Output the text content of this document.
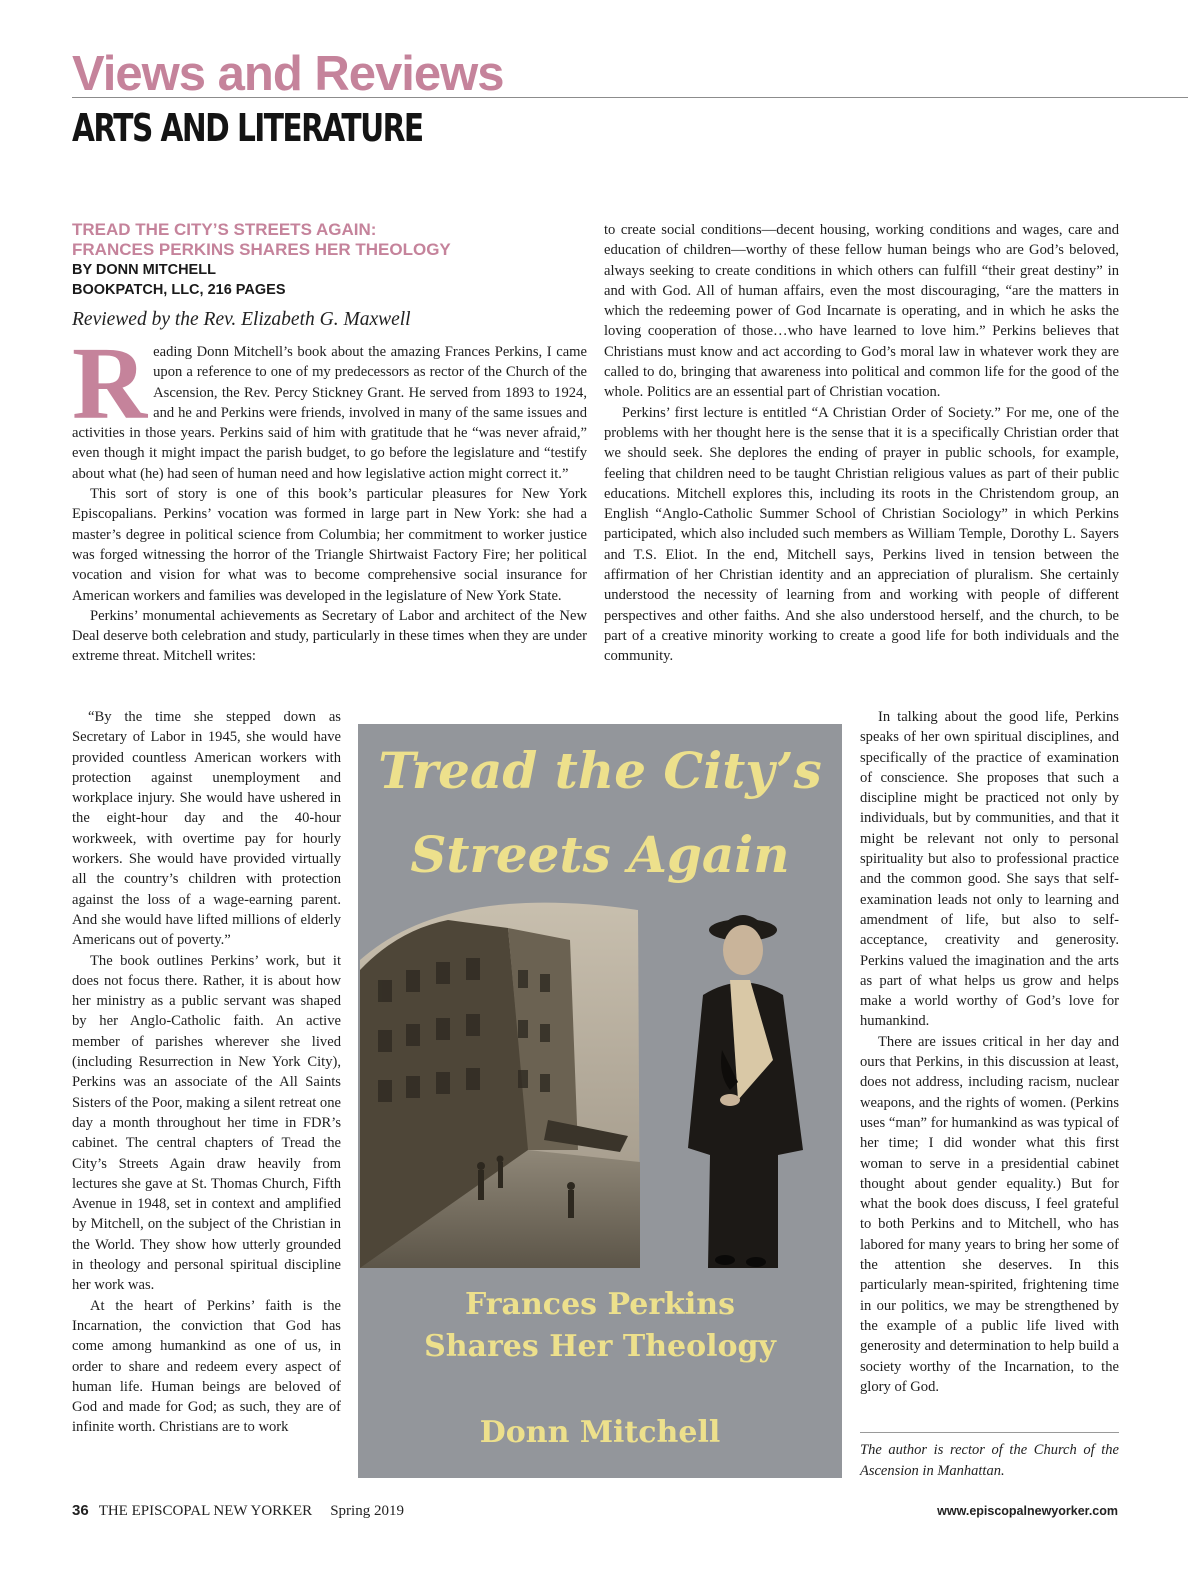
Views and Reviews
ARTS AND LITERATURE
TREAD THE CITY’S STREETS AGAIN:
FRANCES PERKINS SHARES HER THEOLOGY
BY DONN MITCHELL
BOOKPATCH, LLC, 216 PAGES
Reviewed by the Rev. Elizabeth G. Maxwell

Reading Donn Mitchell’s book about the amazing Frances Perkins, I came upon a reference to one of my predecessors as rector of the Church of the Ascension, the Rev. Percy Stickney Grant. He served from 1893 to 1924, and he and Perkins were friends, involved in many of the same issues and activities in those years. Perkins said of him with gratitude that he “was never afraid,” even though it might impact the parish budget, to go before the legislature and “testify about what (he) had seen of human need and how legislative action might correct it.”

This sort of story is one of this book’s particular pleasures for New York Episcopalians. Perkins’ vocation was formed in large part in New York: she had a master’s degree in political science from Columbia; her commitment to worker justice was forged witnessing the horror of the Triangle Shirtwaist Factory Fire; her political vocation and vision for what was to become comprehensive social insurance for American workers and families was developed in the legislature of New York State.

Perkins’ monumental achievements as Secretary of Labor and architect of the New Deal deserve both celebration and study, particularly in these times when they are under extreme threat. Mitchell writes:

“By the time she stepped down as Secretary of Labor in 1945, she would have provided countless American workers with protection against unemployment and workplace injury. She would have ushered in the eight-hour day and the 40-hour workweek, with overtime pay for hourly workers. She would have provided virtually all the country’s children with protection against the loss of a wage-earning parent. And she would have lifted millions of elderly Americans out of poverty.”

The book outlines Perkins’ work, but it does not focus there. Rather, it is about how her ministry as a public servant was shaped by her Anglo-Catholic faith. An active member of parishes wherever she lived (including Resurrection in New York City), Perkins was an associate of the All Saints Sisters of the Poor, making a silent retreat one day a month throughout her time in FDR’s cabinet. The central chapters of Tread the City’s Streets Again draw heavily from lectures she gave at St. Thomas Church, Fifth Avenue in 1948, set in context and amplified by Mitchell, on the subject of the Christian in the World. They show how utterly grounded in theology and personal spiritual discipline her work was.

At the heart of Perkins’ faith is the Incarnation, the conviction that God has come among humankind as one of us, in order to share and redeem every aspect of human life. Human beings are beloved of God and made for God; as such, they are of infinite worth. Christians are to work

to create social conditions—decent housing, working conditions and wages, care and education of children—worthy of these fellow human beings who are God’s beloved, always seeking to create conditions in which others can fulfill “their great destiny” in and with God. All of human affairs, even the most discouraging, “are the matters in which the redeeming power of God Incarnate is operating, and in which he asks the loving cooperation of those…who have learned to love him.” Perkins believes that Christians must know and act according to God’s moral law in whatever work they are called to do, bringing that awareness into political and common life for the good of the whole. Politics are an essential part of Christian vocation.

Perkins’ first lecture is entitled “A Christian Order of Society.” For me, one of the problems with her thought here is the sense that it is a specifically Christian order that we should seek. She deplores the ending of prayer in public schools, for example, feeling that children need to be taught Christian religious values as part of their public educations. Mitchell explores this, including its roots in the Christendom group, an English “Anglo-Catholic Summer School of Christian Sociology” in which Perkins participated, which also included such members as William Temple, Dorothy L. Sayers and T.S. Eliot. In the end, Mitchell says, Perkins lived in tension between the affirmation of her Christian identity and an appreciation of pluralism. She certainly understood the necessity of learning from and working with people of different perspectives and other faiths. And she also understood herself, and the church, to be part of a creative minority working to create a good life for both individuals and the community.

In talking about the good life, Perkins speaks of her own spiritual disciplines, and specifically of the practice of examination of conscience. She proposes that such a discipline might be practiced not only by individuals, but by communities, and that it might be relevant not only to personal spirituality but also to professional practice and the common good. She says that self-examination leads not only to learning and amendment of life, but also to self-acceptance, creativity and generosity. Perkins valued the imagination and the arts as part of what helps us grow and helps make a world worthy of God’s love for humankind.

There are issues critical in her day and ours that Perkins, in this discussion at least, does not address, including racism, nuclear weapons, and the rights of women. (Perkins uses “man” for humankind as was typical of her time; I did wonder what this first woman to serve in a presidential cabinet thought about gender equality.) But for what the book does discuss, I feel grateful to both Perkins and to Mitchell, who has labored for many years to bring her some of the attention she deserves. In this particularly mean-spirited, frightening time in our politics, we may be strengthened by the example of a public life lived with generosity and determination to help build a society worthy of the Incarnation, to the glory of God.

The author is rector of the Church of the Ascension in Manhattan.
Tread the City’s
Streets Again
Frances Perkins
Shares Her Theology
Donn Mitchell
36 THE EPISCOPAL NEW YORKER Spring 2019	www.episcopalnewyorker.com
